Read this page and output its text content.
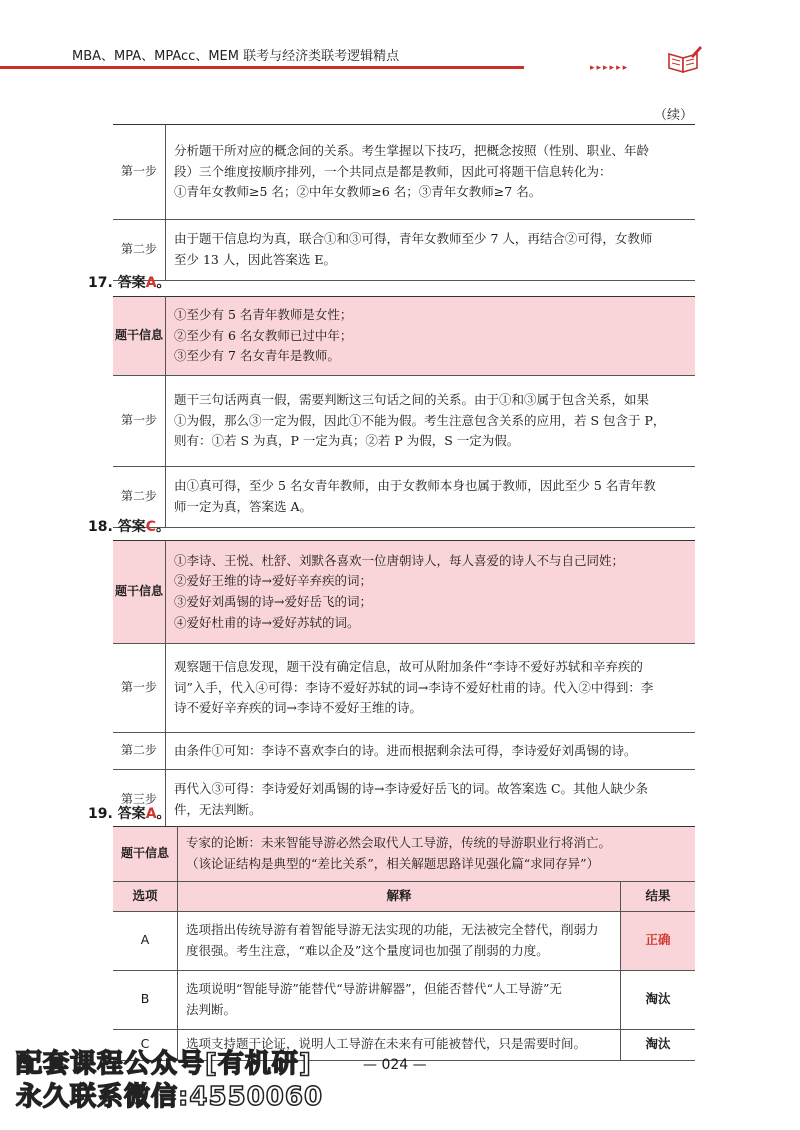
MBA、MPA、MPAcc、MEM 联考与经济类联考逻辑精点
▸▸▸▸▸▸
（续）
第一步	分析题干所对应的概念间的关系。考生掌握以下技巧，把概念按照（性别、职业、年龄
段）三个维度按顺序排列，一个共同点是都是教师，因此可将题干信息转化为：
①青年女教师≥5 名；②中年女教师≥6 名；③青年女教师≥7 名。

第二步	由于题干信息均为真，联合①和③可得，青年女教师至少 7 人，再结合②可得，女教师
至少 13 人，因此答案选 E。
17. 答案A。
题干信息	①至少有 5 名青年教师是女性；
②至少有 6 名女教师已过中年；
③至少有 7 名女青年是教师。

第一步	题干三句话两真一假，需要判断这三句话之间的关系。由于①和③属于包含关系，如果
①为假，那么③一定为假，因此①不能为假。考生注意包含关系的应用，若 S 包含于 P，
则有：①若 S 为真，P 一定为真；②若 P 为假，S 一定为假。

第二步	由①真可得，至少 5 名女青年教师，由于女教师本身也属于教师，因此至少 5 名青年教
师一定为真，答案选 A。
18. 答案C。
题干信息	①李诗、王悦、杜舒、刘默各喜欢一位唐朝诗人，每人喜爱的诗人不与自己同姓；
②爱好王维的诗→爱好辛弃疾的词；
③爱好刘禹锡的诗→爱好岳飞的词；
④爱好杜甫的诗→爱好苏轼的词。

第一步	观察题干信息发现，题干没有确定信息，故可从附加条件“李诗不爱好苏轼和辛弃疾的
词”入手，代入④可得：李诗不爱好苏轼的词→李诗不爱好杜甫的诗。代入②中得到：李
诗不爱好辛弃疾的词→李诗不爱好王维的诗。

第二步	由条件①可知：李诗不喜欢李白的诗。进而根据剩余法可得，李诗爱好刘禹锡的诗。

第三步	再代入③可得：李诗爱好刘禹锡的诗→李诗爱好岳飞的词。故答案选 C。其他人缺少条
件，无法判断。
19. 答案A。
题干信息	专家的论断：未来智能导游必然会取代人工导游，传统的导游职业行将消亡。
（该论证结构是典型的“差比关系”，相关解题思路详见强化篇“求同存异”）	

选项	解释	结果
A	选项指出传统导游有着智能导游无法实现的功能，无法被完全替代，削弱力
度很强。考生注意，“难以企及”这个量度词也加强了削弱的力度。	正确
B	选项说明“智能导游”能替代“导游讲解器”，但能否替代“人工导游”无
法判断。	淘汰
C	选项支持题干论证，说明人工导游在未来有可能被替代，只是需要时间。	淘汰
— 024 —
配套课程公众号[有机研]
永久联系微信:4550060
